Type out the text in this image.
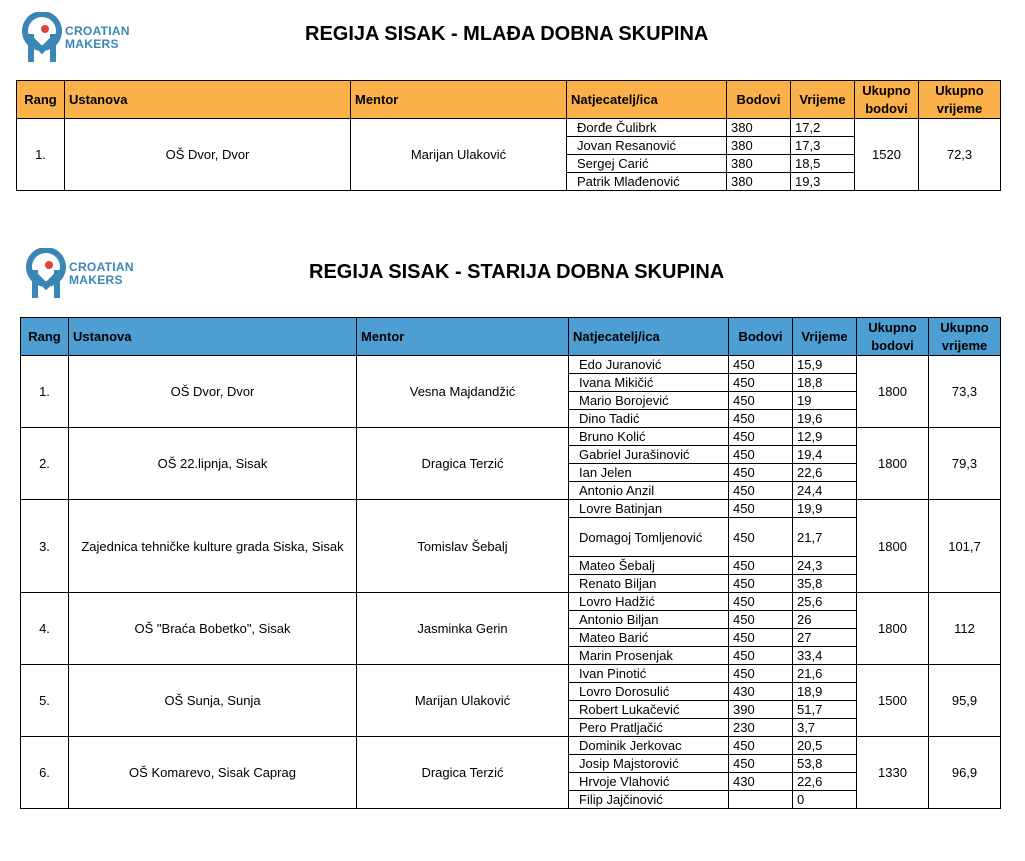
CROATIAN
MAKERS	REGIJA SISAK - MLAĐA DOBNA SKUPINA
Rang	Ustanova	Mentor	Natjecatelj/ica	Bodovi	Vrijeme	Ukupno bodovi	Ukupno vrijeme
1.	OŠ Dvor, Dvor	Marijan Ulaković	Đorđe Čulibrk	380	17,2	1520	72,3
			Jovan Resanović	380	17,3		
			Sergej Carić	380	18,5		
			Patrik Mlađenović	380	19,3		
CROATIAN
MAKERS	REGIJA SISAK - STARIJA DOBNA SKUPINA
Rang	Ustanova	Mentor	Natjecatelj/ica	Bodovi	Vrijeme	Ukupno bodovi	Ukupno vrijeme
1.	OŠ Dvor, Dvor	Vesna Majdandžić	Edo Juranović	450	15,9	1800	73,3
			Ivana Mikičić	450	18,8		
			Mario Borojević	450	19		
			Dino Tadić	450	19,6		
2.	OŠ 22.lipnja, Sisak	Dragica Terzić	Bruno Kolić	450	12,9	1800	79,3
			Gabriel Jurašinović	450	19,4		
			Ian Jelen	450	22,6		
			Antonio Anzil	450	24,4		
3.	Zajednica tehničke kulture grada Siska, Sisak	Tomislav Šebalj	Lovre Batinjan	450	19,9	1800	101,7
			Domagoj Tomljenović	450	21,7		
			Mateo Šebalj	450	24,3		
			Renato Biljan	450	35,8		
4.	OŠ "Braća Bobetko", Sisak	Jasminka Gerin	Lovro Hadžić	450	25,6	1800	112
			Antonio Biljan	450	26		
			Mateo Barić	450	27		
			Marin Prosenjak	450	33,4		
5.	OŠ Sunja, Sunja	Marijan Ulaković	Ivan Pinotić	450	21,6	1500	95,9
			Lovro Dorosulić	430	18,9		
			Robert Lukačević	390	51,7		
			Pero Pratljačić	230	3,7		
6.	OŠ Komarevo, Sisak Caprag	Dragica Terzić	Dominik Jerkovac	450	20,5	1330	96,9
			Josip Majstorović	450	53,8		
			Hrvoje Vlahović	430	22,6		
			Filip Jajčinović		0		
